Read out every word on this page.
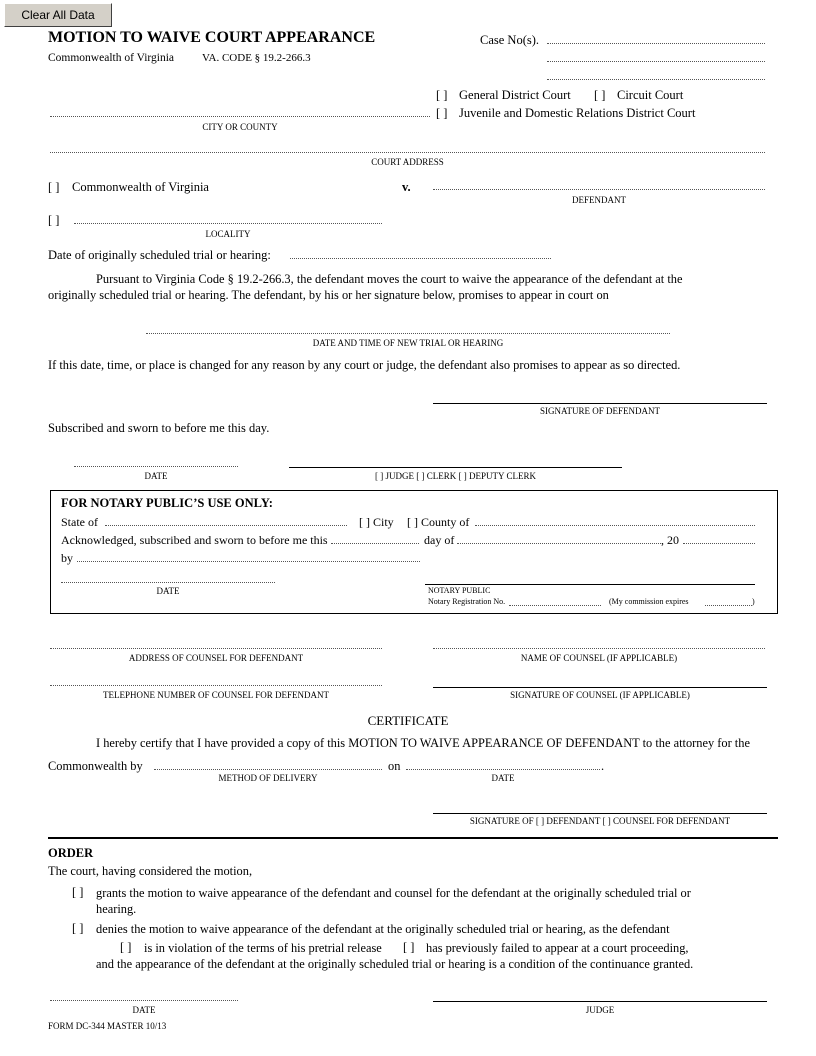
Clear All Data
MOTION TO WAIVE COURT APPEARANCE
Commonwealth of Virginia	VA. CODE § 19.2-266.3
Case No(s).
[ ] General District Court [ ] Circuit Court
[ ] Juvenile and Domestic Relations District Court
CITY OR COUNTY
COURT ADDRESS
[ ] Commonwealth of Virginia	v.
DEFENDANT
[ ]
LOCALITY
Date of originally scheduled trial or hearing:
Pursuant to Virginia Code § 19.2-266.3, the defendant moves the court to waive the appearance of the defendant at the
originally scheduled trial or hearing. The defendant, by his or her signature below, promises to appear in court on
DATE AND TIME OF NEW TRIAL OR HEARING
If this date, time, or place is changed for any reason by any court or judge, the defendant also promises to appear as so directed.
SIGNATURE OF DEFENDANT
Subscribed and sworn to before me this day.
DATE	[ ] JUDGE [ ] CLERK [ ] DEPUTY CLERK
FOR NOTARY PUBLIC’S USE ONLY:
State of	[ ] City [ ] County of
Acknowledged, subscribed and sworn to before me this	day of	, 20
by
DATE	NOTARY PUBLIC
Notary Registration No.	(My commission expires	)
ADDRESS OF COUNSEL FOR DEFENDANT	NAME OF COUNSEL (IF APPLICABLE)
TELEPHONE NUMBER OF COUNSEL FOR DEFENDANT	SIGNATURE OF COUNSEL (IF APPLICABLE)
CERTIFICATE
I hereby certify that I have provided a copy of this MOTION TO WAIVE APPEARANCE OF DEFENDANT to the attorney for the
Commonwealth by
METHOD OF DELIVERY
on	.
DATE
SIGNATURE OF [ ] DEFENDANT [ ] COUNSEL FOR DEFENDANT
ORDER
The court, having considered the motion,
[ ] grants the motion to waive appearance of the defendant and counsel for the defendant at the originally scheduled trial or
hearing.
[ ] denies the motion to waive appearance of the defendant at the originally scheduled trial or hearing, as the defendant
[ ] is in violation of the terms of his pretrial release [ ] has previously failed to appear at a court proceeding,
and the appearance of the defendant at the originally scheduled trial or hearing is a condition of the continuance granted.
DATE	JUDGE
FORM DC-344 MASTER 10/13
